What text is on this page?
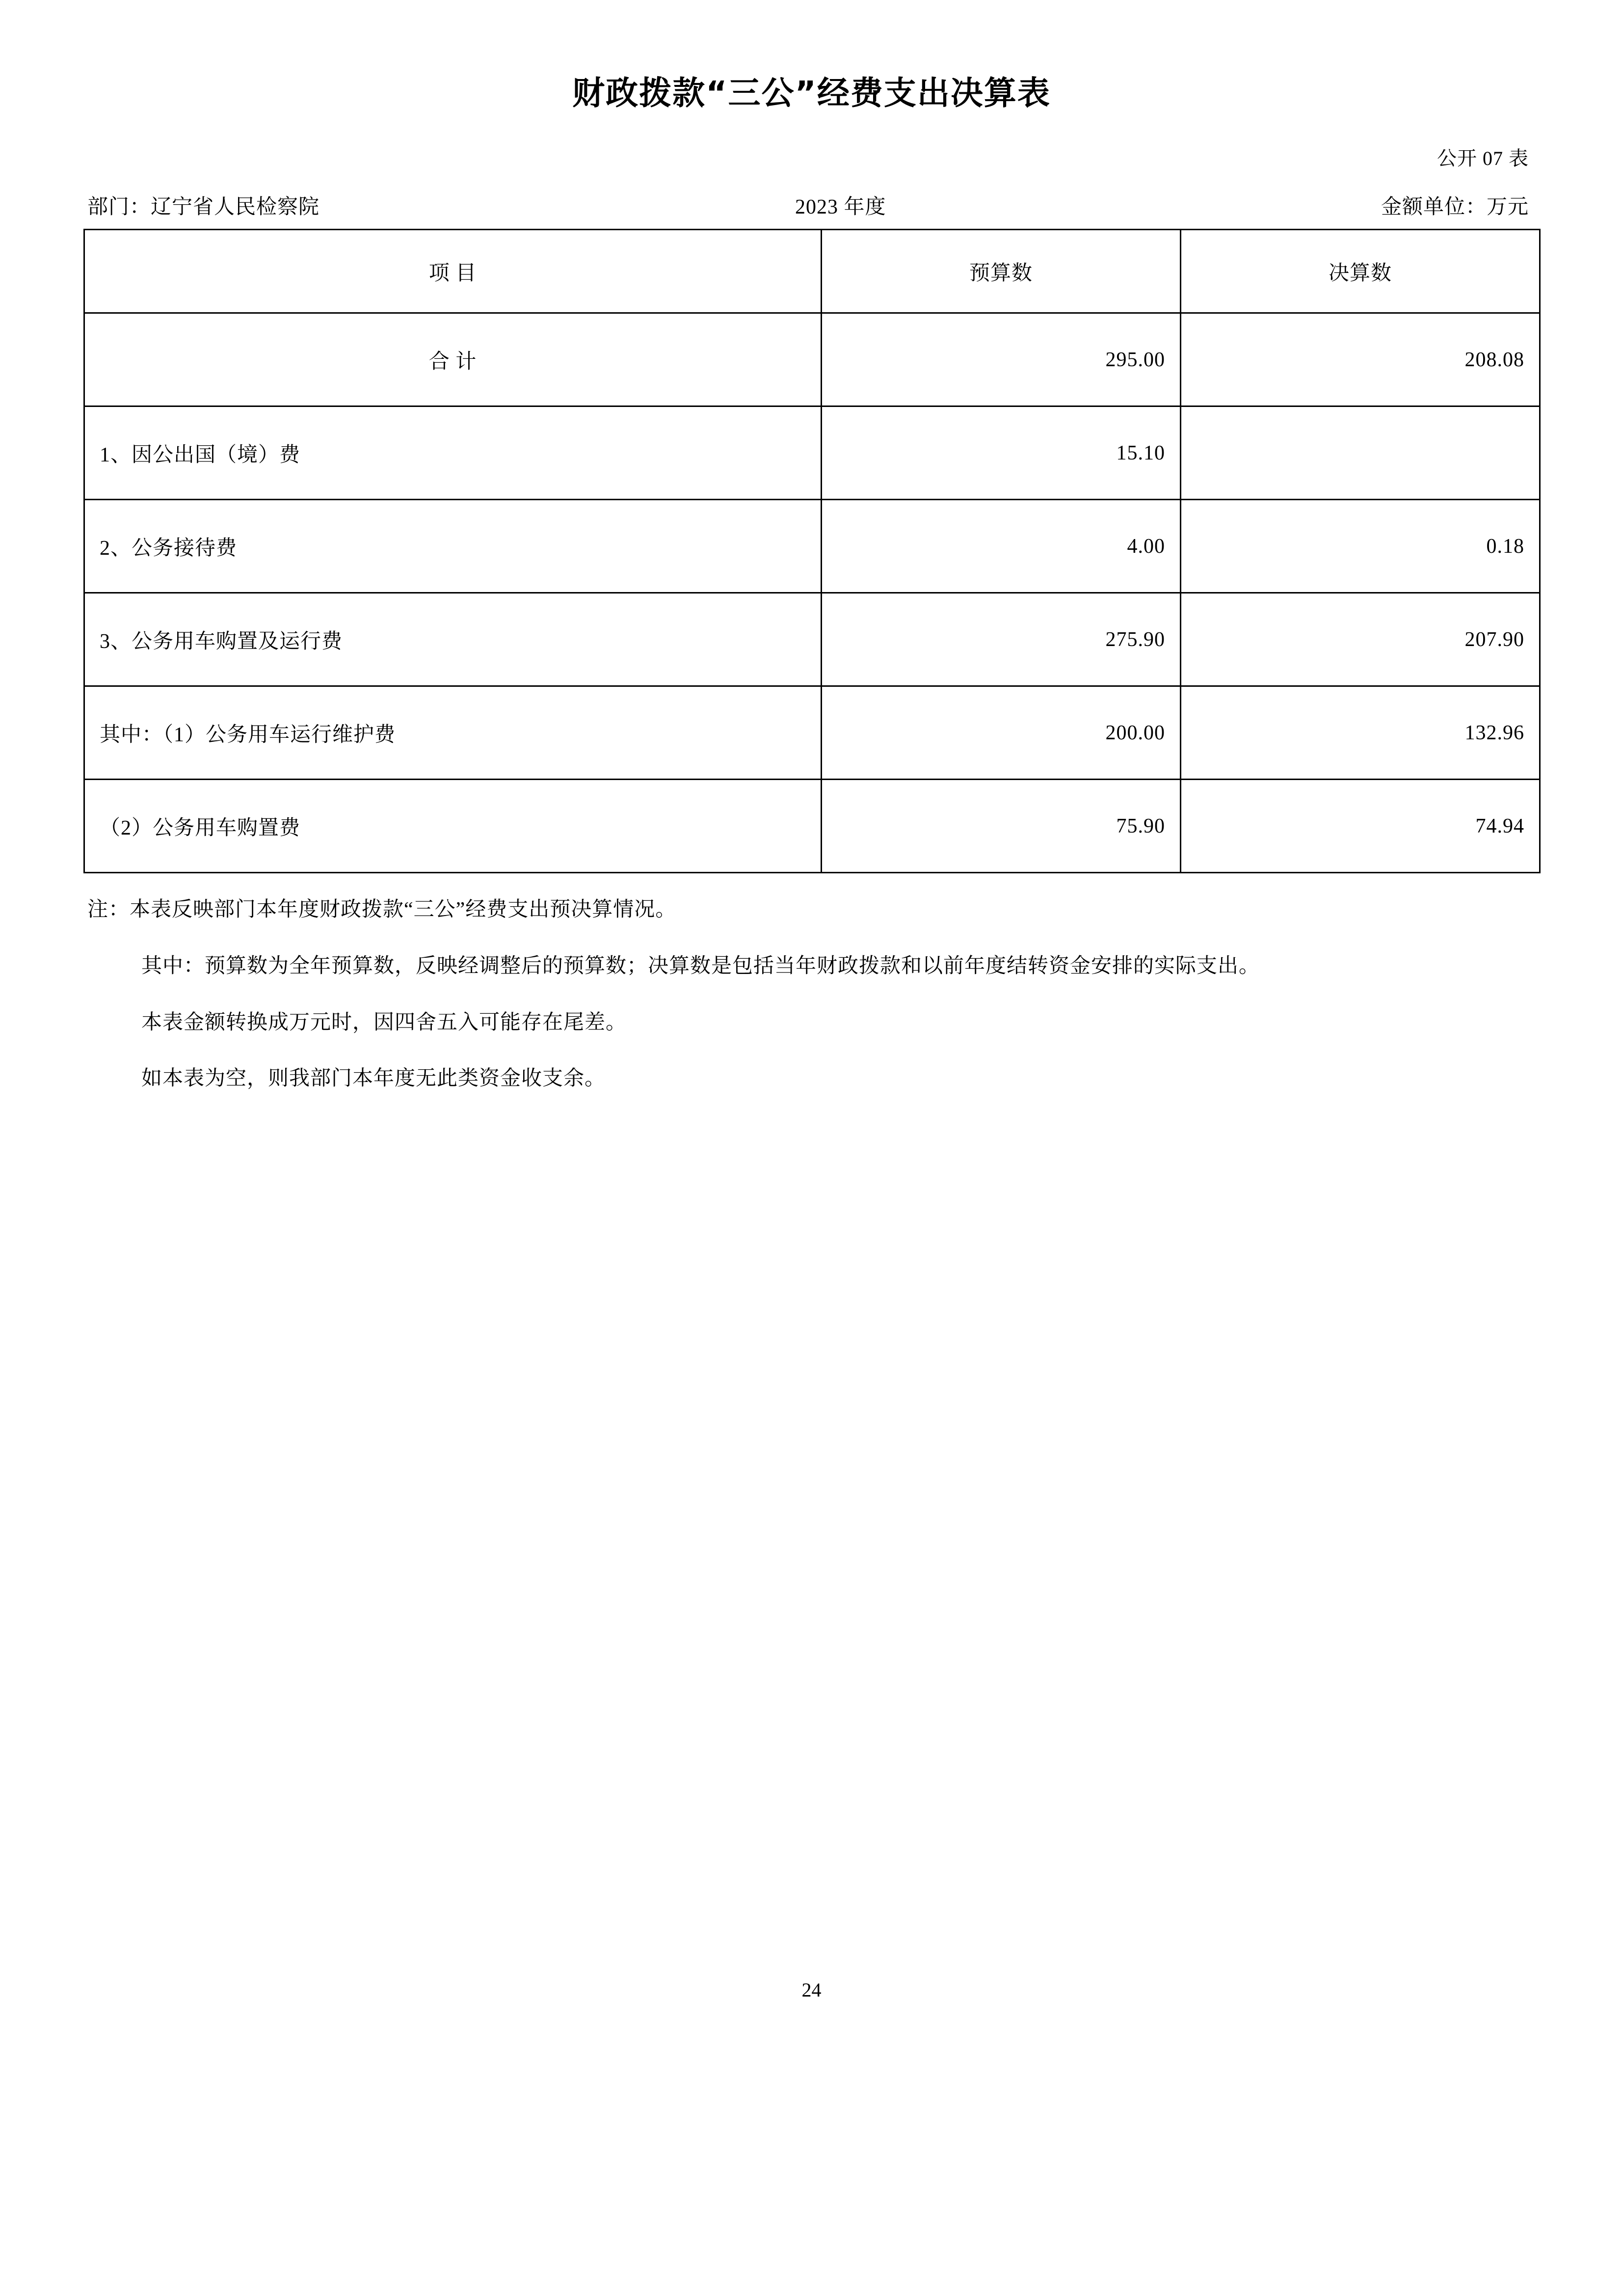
财政拨款“三公”经费支出决算表
公开 07 表
部门：辽宁省人民检察院	2023 年度	金额单位：万元
项 目	预算数	决算数
合 计	295.00	208.08
1、因公出国（境）费	15.10	
2、公务接待费	4.00	0.18
3、公务用车购置及运行费	275.90	207.90
其中：（1）公务用车运行维护费	200.00	132.96
（2）公务用车购置费	75.90	74.94
注：本表反映部门本年度财政拨款“三公”经费支出预决算情况。
其中：预算数为全年预算数，反映经调整后的预算数；决算数是包括当年财政拨款和以前年度结转资金安排的实际支出。
本表金额转换成万元时，因四舍五入可能存在尾差。
如本表为空，则我部门本年度无此类资金收支余。
24
